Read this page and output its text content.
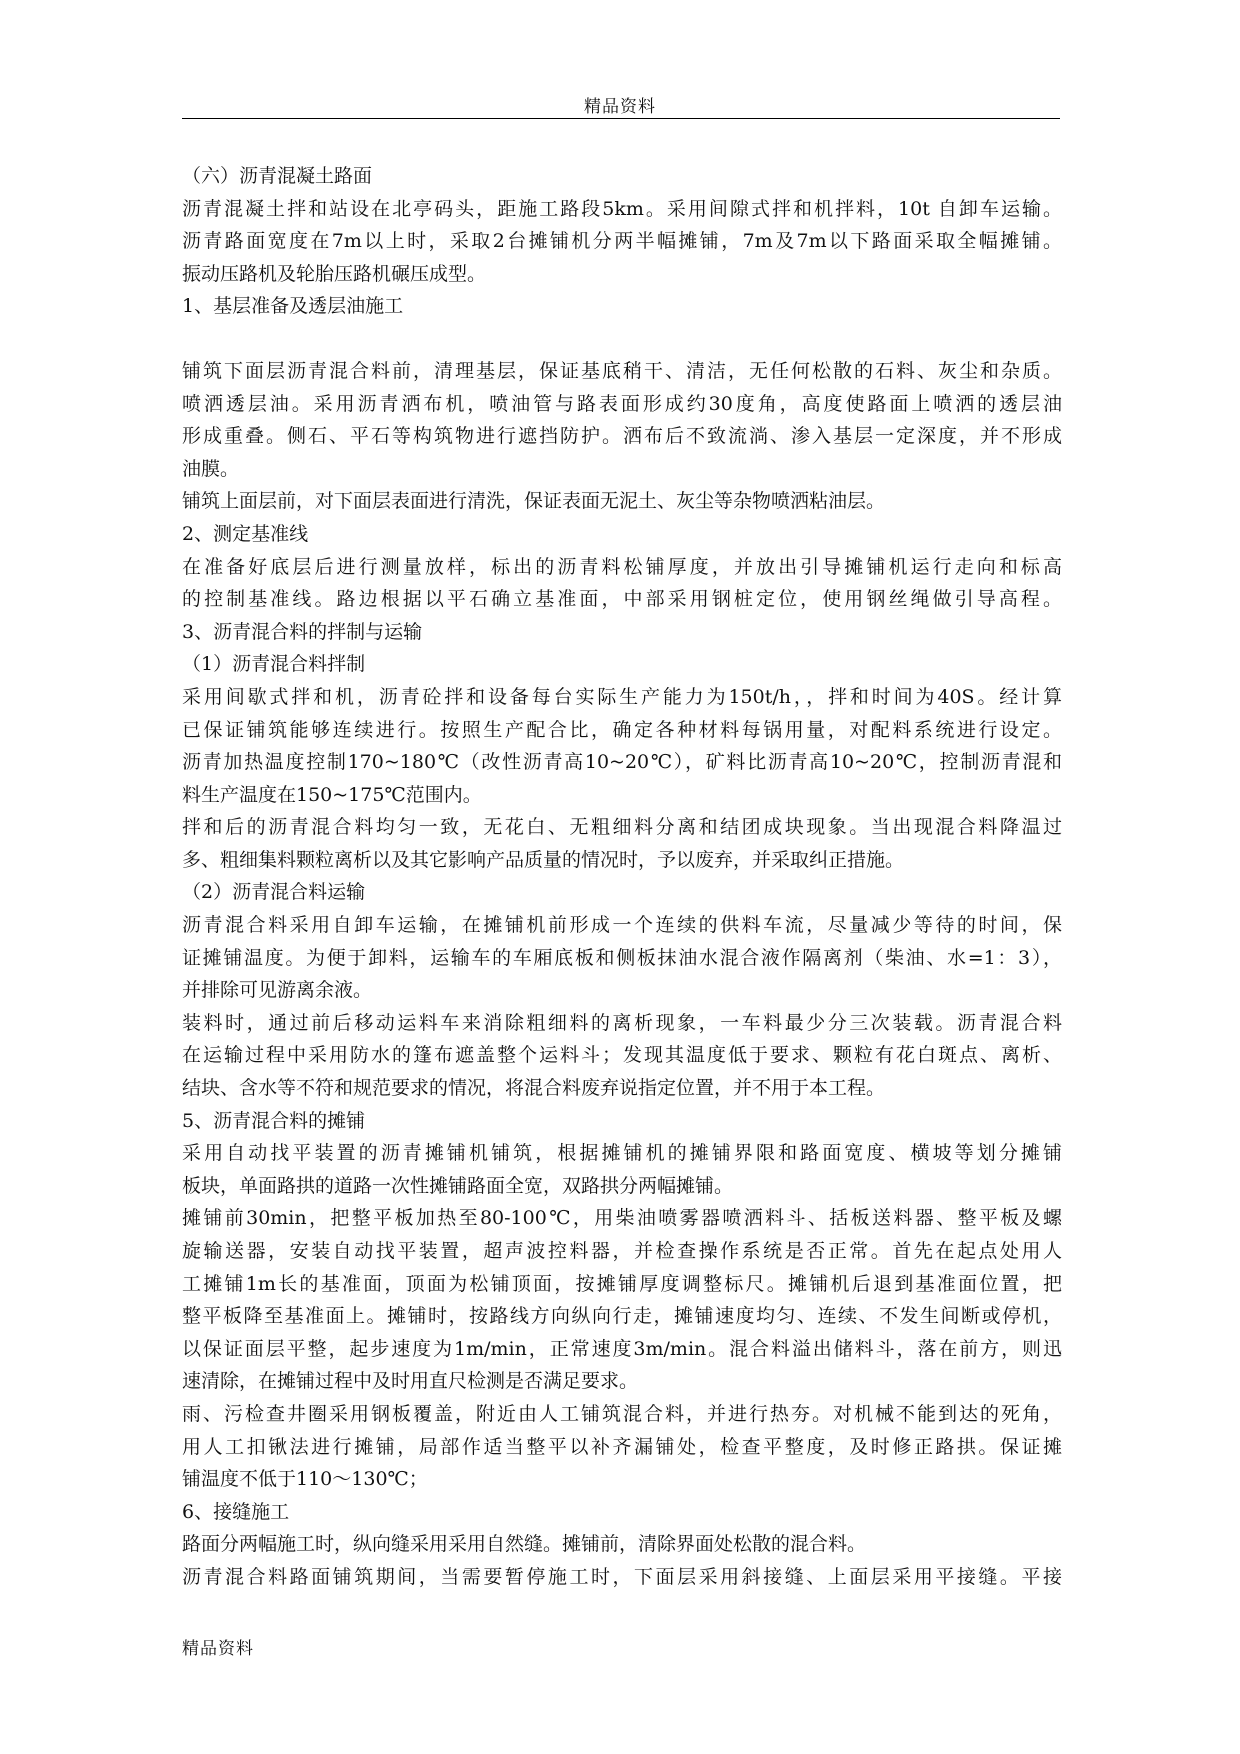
精品资料
（六）沥青混凝土路面
沥青混凝土拌和站设在北亭码头，距施工路段5km。采用间隙式拌和机拌料，10t 自卸车运输。
沥青路面宽度在7m以上时，采取2台摊铺机分两半幅摊铺，7m及7m以下路面采取全幅摊铺。
振动压路机及轮胎压路机碾压成型。
1、基层准备及透层油施工
铺筑下面层沥青混合料前，清理基层，保证基底稍干、清洁，无任何松散的石料、灰尘和杂质。
喷洒透层油。采用沥青洒布机，喷油管与路表面形成约30度角，高度使路面上喷洒的透层油
形成重叠。侧石、平石等构筑物进行遮挡防护。洒布后不致流淌、渗入基层一定深度，并不形成
油膜。
铺筑上面层前，对下面层表面进行清洗，保证表面无泥土、灰尘等杂物喷洒粘油层。
2、测定基准线
在准备好底层后进行测量放样，标出的沥青料松铺厚度，并放出引导摊铺机运行走向和标高
的控制基准线。路边根据以平石确立基准面，中部采用钢桩定位，使用钢丝绳做引导高程。
3、沥青混合料的拌制与运输
（1）沥青混合料拌制
采用间歇式拌和机，沥青砼拌和设备每台实际生产能力为150t/h，，拌和时间为40S。经计算
已保证铺筑能够连续进行。按照生产配合比，确定各种材料每锅用量，对配料系统进行设定。
沥青加热温度控制170~180℃（改性沥青高10~20℃），矿料比沥青高10~20℃，控制沥青混和
料生产温度在150~175℃范围内。
拌和后的沥青混合料均匀一致，无花白、无粗细料分离和结团成块现象。当出现混合料降温过
多、粗细集料颗粒离析以及其它影响产品质量的情况时，予以废弃，并采取纠正措施。
（2）沥青混合料运输
沥青混合料采用自卸车运输，在摊铺机前形成一个连续的供料车流，尽量减少等待的时间，保
证摊铺温度。为便于卸料，运输车的车厢底板和侧板抹油水混合液作隔离剂（柴油、水=1：3），
并排除可见游离余液。
装料时，通过前后移动运料车来消除粗细料的离析现象，一车料最少分三次装载。沥青混合料
在运输过程中采用防水的篷布遮盖整个运料斗；发现其温度低于要求、颗粒有花白斑点、离析、
结块、含水等不符和规范要求的情况，将混合料废弃说指定位置，并不用于本工程。
5、沥青混合料的摊铺
采用自动找平装置的沥青摊铺机铺筑，根据摊铺机的摊铺界限和路面宽度、横坡等划分摊铺
板块，单面路拱的道路一次性摊铺路面全宽，双路拱分两幅摊铺。
摊铺前30min，把整平板加热至80-100℃，用柴油喷雾器喷洒料斗、括板送料器、整平板及螺
旋输送器，安装自动找平装置，超声波控料器，并检查操作系统是否正常。首先在起点处用人
工摊铺1m长的基准面，顶面为松铺顶面，按摊铺厚度调整标尺。摊铺机后退到基准面位置，把
整平板降至基准面上。摊铺时，按路线方向纵向行走，摊铺速度均匀、连续、不发生间断或停机，
以保证面层平整，起步速度为1m/min，正常速度3m/min。混合料溢出储料斗，落在前方，则迅
速清除，在摊铺过程中及时用直尺检测是否满足要求。
雨、污检查井圈采用钢板覆盖，附近由人工铺筑混合料，并进行热夯。对机械不能到达的死角，
用人工扣锹法进行摊铺，局部作适当整平以补齐漏铺处，检查平整度，及时修正路拱。保证摊
铺温度不低于110～130℃；
6、接缝施工
路面分两幅施工时，纵向缝采用采用自然缝。摊铺前，清除界面处松散的混合料。
沥青混合料路面铺筑期间，当需要暂停施工时，下面层采用斜接缝、上面层采用平接缝。平接
精品资料
